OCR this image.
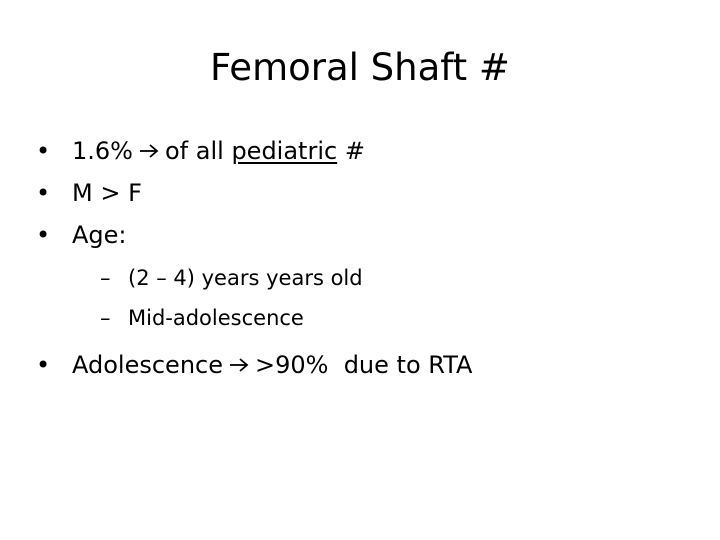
Femoral Shaft #
• 1.6% of all
pediatric
#
• M > F
• Age:
– (2 – 4) years years old
– Mid-adolescence
• Adolescence >90%  due to RTA
